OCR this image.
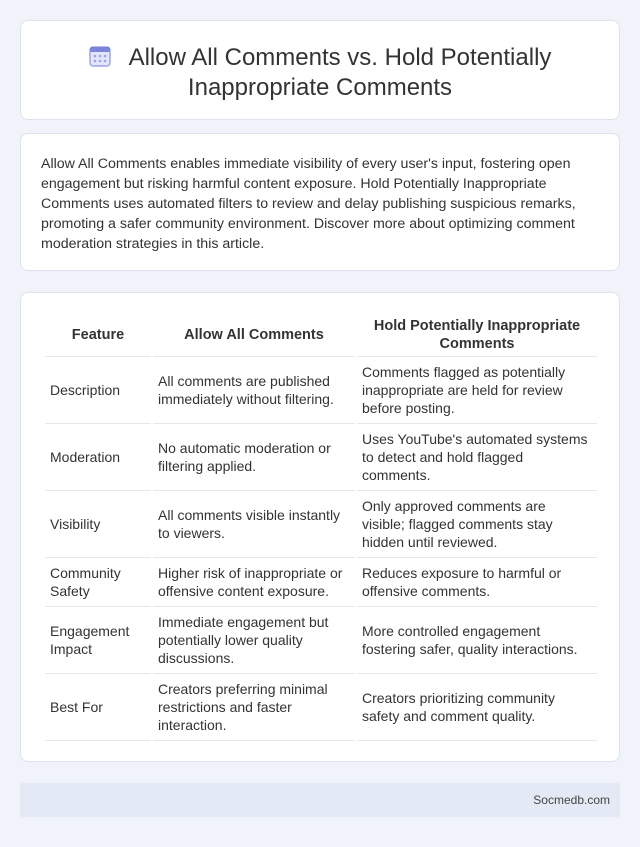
Allow All Comments vs. Hold Potentially
Inappropriate Comments

Allow All Comments enables immediate visibility of every user's input, fostering open engagement but risking harmful content exposure. Hold Potentially Inappropriate Comments uses automated filters to review and delay publishing suspicious remarks, promoting a safer community environment. Discover more about optimizing comment moderation strategies in this article.

Feature	Allow All Comments	Hold Potentially Inappropriate Comments
Description	All comments are published immediately without filtering.	Comments flagged as potentially inappropriate are held for review before posting.
Moderation	No automatic moderation or filtering applied.	Uses YouTube's automated systems to detect and hold flagged comments.
Visibility	All comments visible instantly to viewers.	Only approved comments are visible; flagged comments stay hidden until reviewed.
Community Safety	Higher risk of inappropriate or offensive content exposure.	Reduces exposure to harmful or offensive comments.
Engagement Impact	Immediate engagement but potentially lower quality discussions.	More controlled engagement fostering safer, quality interactions.
Best For	Creators preferring minimal restrictions and faster interaction.	Creators prioritizing community safety and comment quality.
Socmedb.com
